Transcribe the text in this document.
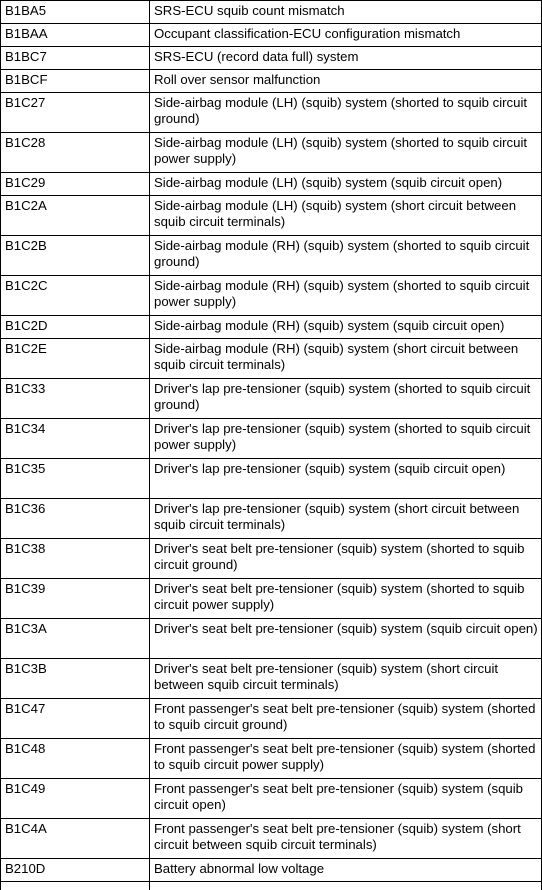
B1BA5	SRS-ECU squib count mismatch
B1BAA	Occupant classification-ECU configuration mismatch
B1BC7	SRS-ECU (record data full) system
B1BCF	Roll over sensor malfunction
B1C27	Side-airbag module (LH) (squib) system (shorted to squib circuit ground)
B1C28	Side-airbag module (LH) (squib) system (shorted to squib circuit power supply)
B1C29	Side-airbag module (LH) (squib) system (squib circuit open)
B1C2A	Side-airbag module (LH) (squib) system (short circuit between squib circuit terminals)
B1C2B	Side-airbag module (RH) (squib) system (shorted to squib circuit ground)
B1C2C	Side-airbag module (RH) (squib) system (shorted to squib circuit power supply)
B1C2D	Side-airbag module (RH) (squib) system (squib circuit open)
B1C2E	Side-airbag module (RH) (squib) system (short circuit between squib circuit terminals)
B1C33	Driver's lap pre-tensioner (squib) system (shorted to squib circuit ground)
B1C34	Driver's lap pre-tensioner (squib) system (shorted to squib circuit power supply)
B1C35	Driver's lap pre-tensioner (squib) system (squib circuit open)
B1C36	Driver's lap pre-tensioner (squib) system (short circuit between squib circuit terminals)
B1C38	Driver's seat belt pre-tensioner (squib) system (shorted to squib circuit ground)
B1C39	Driver's seat belt pre-tensioner (squib) system (shorted to squib circuit power supply)
B1C3A	Driver's seat belt pre-tensioner (squib) system (squib circuit open)
B1C3B	Driver's seat belt pre-tensioner (squib) system (short circuit between squib circuit terminals)
B1C47	Front passenger's seat belt pre-tensioner (squib) system (shorted to squib circuit ground)
B1C48	Front passenger's seat belt pre-tensioner (squib) system (shorted to squib circuit power supply)
B1C49	Front passenger's seat belt pre-tensioner (squib) system (squib circuit open)
B1C4A	Front passenger's seat belt pre-tensioner (squib) system (short circuit between squib circuit terminals)
B210D	Battery abnormal low voltage
